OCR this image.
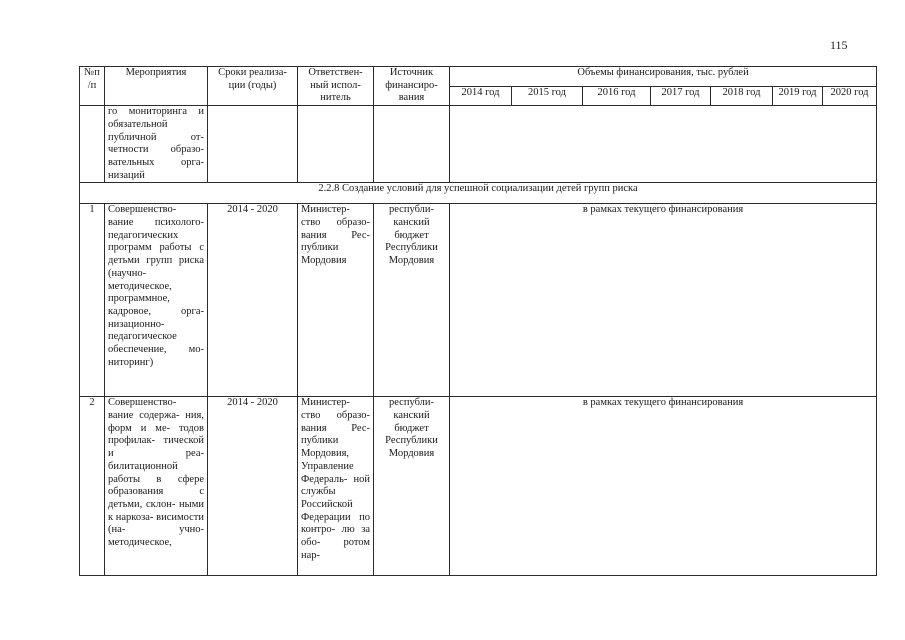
115
№п /п	Мероприятия	Сроки реализа- ции (годы)	Ответствен- ный испол- нитель	Источник финансиро- вания	Объемы финансирования, тыс. рублей						
					2014 год	2015 год	2016 год	2017 год	2018 год	2019 год	2020 год
	го мониторинга и обязательной публичной от- четности образо- вательных орга- низаций										
2.2.8 Создание условий для успешной социализации детей групп риска											
1	Совершенство- вание психолого- педагогических программ работы с детьми групп риска (научно- методическое, программное, кадровое, орга- низационно- педагогическое обеспечение, мо- ниторинг)	2014 - 2020	Министер- ство образо- вания Рес- публики Мордовия	республи- канский бюджет Республики Мордовия	в рамках текущего финансирования						
2	Совершенство- вание содержа- ния, форм и ме- тодов профилак- тической и реа- билитационной работы в сфере образования с детьми, склон- ными к наркоза- висимости (на- учно- методическое,	2014 - 2020	Министер- ство образо- вания Рес- публики Мордовия, Управление Федераль- ной службы Российской Федерации по контро- лю за обо- ротом нар-	республи- канский бюджет Республики Мордовия	в рамках текущего финансирования						
